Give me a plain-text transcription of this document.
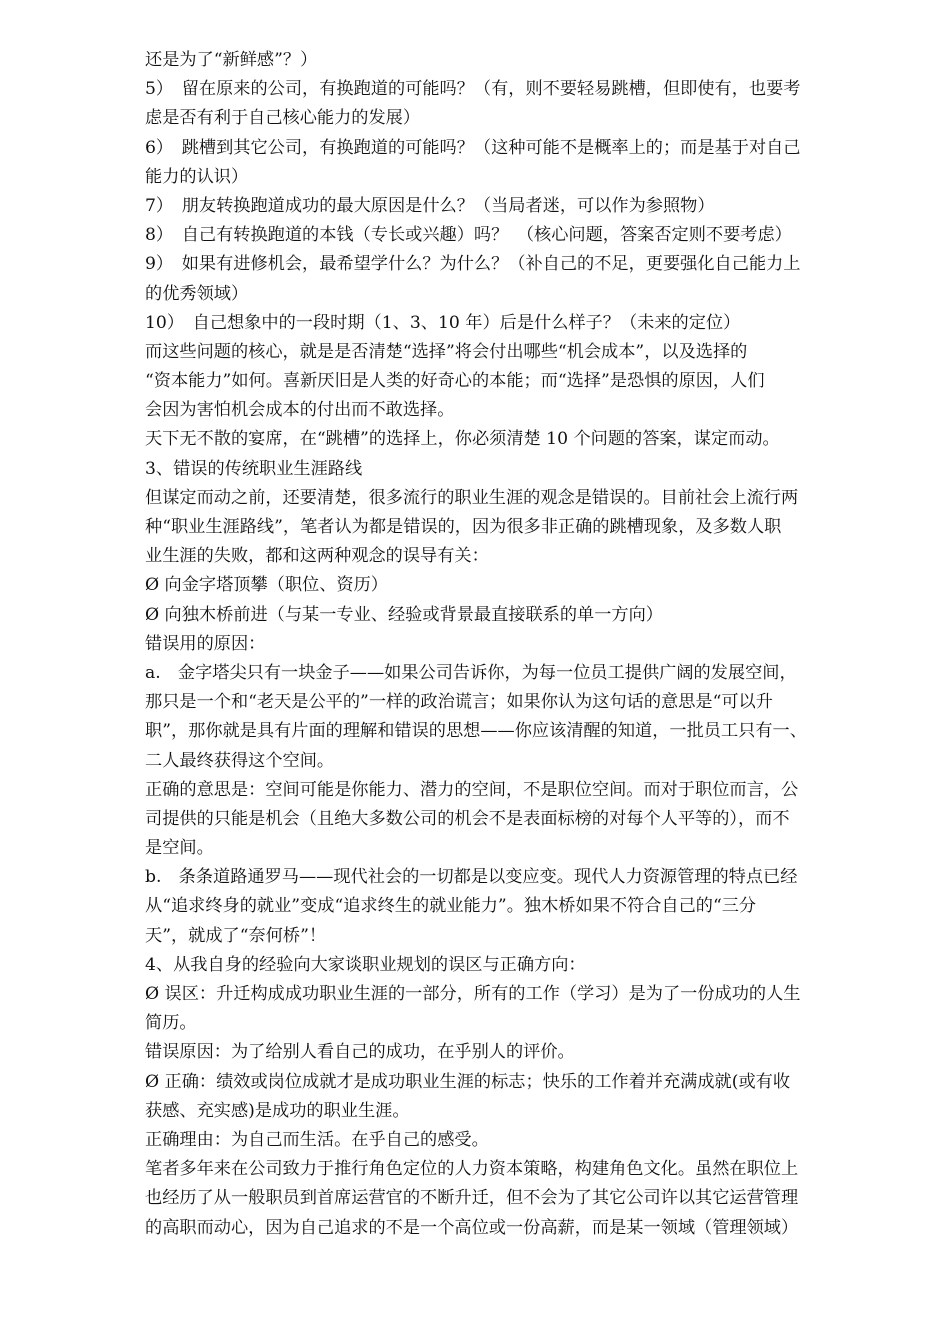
还是为了“新鲜感”？）
5）　留在原来的公司，有换跑道的可能吗？（有，则不要轻易跳槽，但即使有，也要考
虑是否有利于自己核心能力的发展）
6）　跳槽到其它公司，有换跑道的可能吗？（这种可能不是概率上的；而是基于对自己
能力的认识）
7）　朋友转换跑道成功的最大原因是什么？（当局者迷，可以作为参照物）
8）　自己有转换跑道的本钱（专长或兴趣）吗？　（核心问题，答案否定则不要考虑）
9）　如果有进修机会，最希望学什么？为什么？（补自己的不足，更要强化自己能力上
的优秀领域）
10）　自己想象中的一段时期（1、3、10 年）后是什么样子？（未来的定位）
而这些问题的核心，就是是否清楚“选择”将会付出哪些“机会成本”，以及选择的
“资本能力”如何。喜新厌旧是人类的好奇心的本能；而“选择”是恐惧的原因，人们
会因为害怕机会成本的付出而不敢选择。
天下无不散的宴席，在“跳槽”的选择上，你必须清楚 10 个问题的答案，谋定而动。
3、错误的传统职业生涯路线
但谋定而动之前，还要清楚，很多流行的职业生涯的观念是错误的。目前社会上流行两
种“职业生涯路线”，笔者认为都是错误的，因为很多非正确的跳槽现象，及多数人职
业生涯的失败，都和这两种观念的误导有关：
Ø 向金字塔顶攀（职位、资历）
Ø 向独木桥前进（与某一专业、经验或背景最直接联系的单一方向）
错误用的原因：
a.　金字塔尖只有一块金子——如果公司告诉你，为每一位员工提供广阔的发展空间，
那只是一个和“老天是公平的”一样的政治谎言；如果你认为这句话的意思是“可以升
职”，那你就是具有片面的理解和错误的思想——你应该清醒的知道，一批员工只有一、
二人最终获得这个空间。
正确的意思是：空间可能是你能力、潜力的空间，不是职位空间。而对于职位而言，公
司提供的只能是机会（且绝大多数公司的机会不是表面标榜的对每个人平等的），而不
是空间。
b.　条条道路通罗马——现代社会的一切都是以变应变。现代人力资源管理的特点已经
从“追求终身的就业”变成“追求终生的就业能力”。独木桥如果不符合自己的“三分
天”，就成了“奈何桥”！
4、从我自身的经验向大家谈职业规划的误区与正确方向：
Ø 误区：升迁构成成功职业生涯的一部分，所有的工作（学习）是为了一份成功的人生
简历。
错误原因：为了给别人看自己的成功，在乎别人的评价。
Ø 正确：绩效或岗位成就才是成功职业生涯的标志；快乐的工作着并充满成就(或有收
获感、充实感)是成功的职业生涯。
正确理由：为自己而生活。在乎自己的感受。
笔者多年来在公司致力于推行角色定位的人力资本策略，构建角色文化。虽然在职位上
也经历了从一般职员到首席运营官的不断升迁，但不会为了其它公司许以其它运营管理
的高职而动心，因为自己追求的不是一个高位或一份高薪，而是某一领域（管理领域）
